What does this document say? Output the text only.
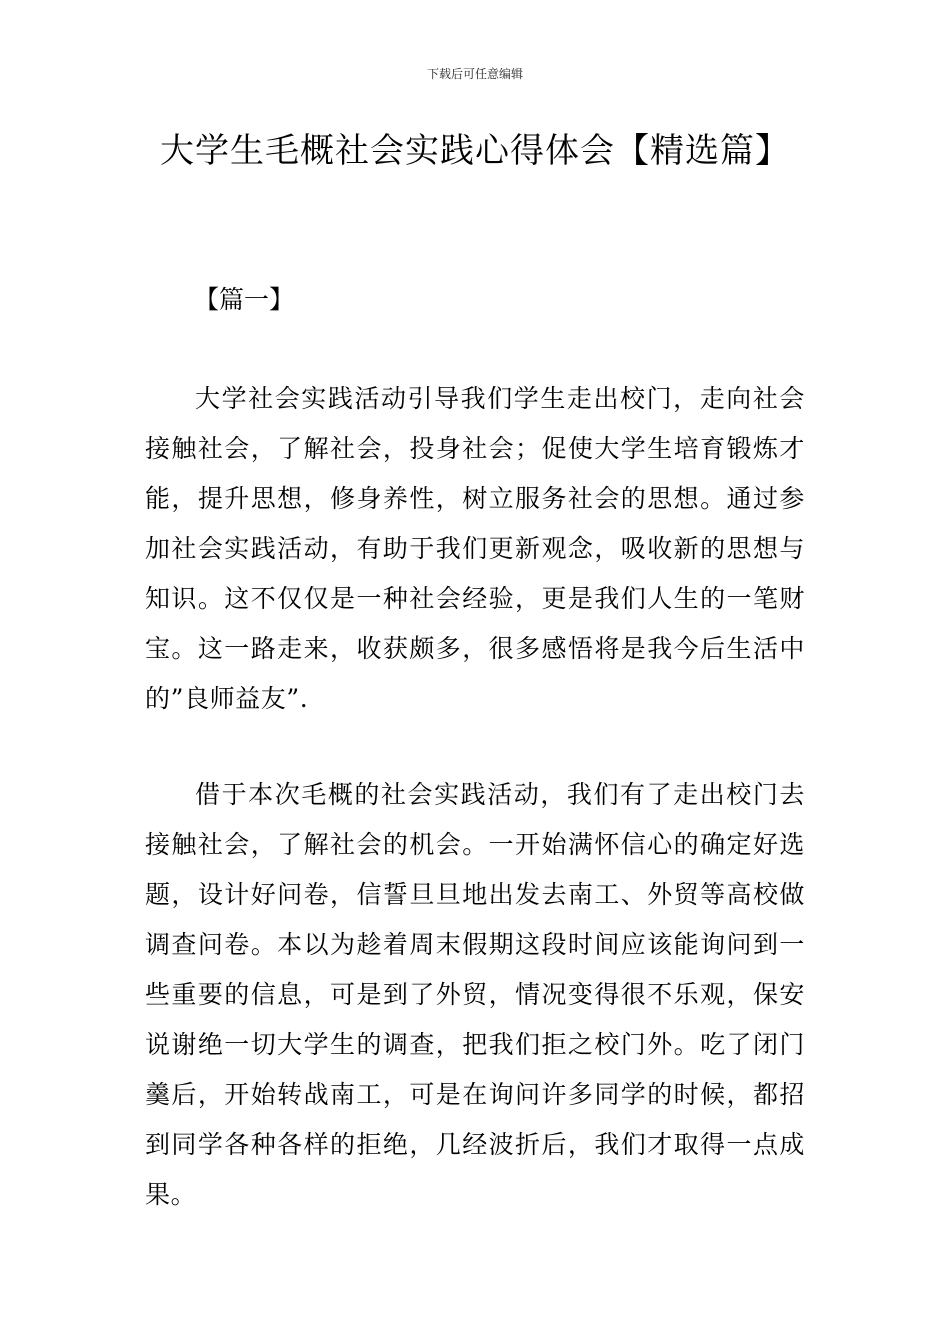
下载后可任意编辑
大学生毛概社会实践心得体会【精选篇】
【篇一】

大学社会实践活动引导我们学生走出校门，走向社会接触社会，了解社会，投身社会；促使大学生培育锻炼才能，提升思想，修身养性，树立服务社会的思想。通过参加社会实践活动，有助于我们更新观念，吸收新的思想与知识。这不仅仅是一种社会经验，更是我们人生的一笔财宝。这一路走来，收获颇多，很多感悟将是我今后生活中的”良师益友”.

借于本次毛概的社会实践活动，我们有了走出校门去接触社会，了解社会的机会。一开始满怀信心的确定好选题，设计好问卷，信誓旦旦地出发去南工、外贸等高校做调查问卷。本以为趁着周末假期这段时间应该能询问到一些重要的信息，可是到了外贸，情况变得很不乐观，保安说谢绝一切大学生的调查，把我们拒之校门外。吃了闭门羹后，开始转战南工，可是在询问许多同学的时候，都招到同学各种各样的拒绝，几经波折后，我们才取得一点成果。
